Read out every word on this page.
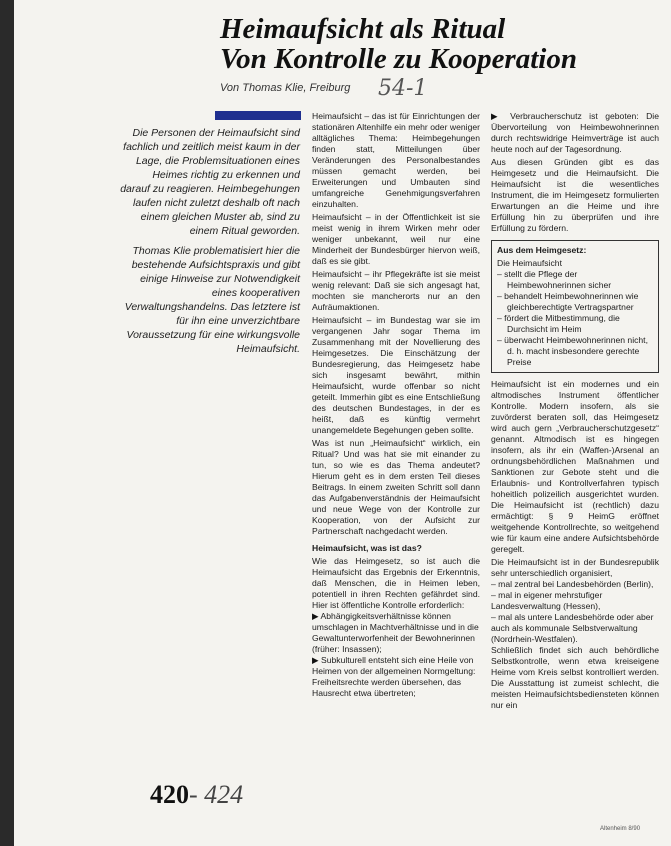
Heimaufsicht als Ritual
Von Kontrolle zu Kooperation
Von Thomas Klie, Freiburg 54-1

Die Personen der Heimaufsicht sind fachlich und zeitlich meist kaum in der Lage, die Problemsituationen eines Heimes richtig zu erkennen und darauf zu reagieren. Heimbegehungen laufen nicht zuletzt deshalb oft nach einem gleichen Muster ab, sind zu einem Ritual geworden.

Thomas Klie problematisiert hier die bestehende Aufsichtspraxis und gibt einige Hinweise zur Notwendigkeit eines kooperativen Verwaltungshandelns. Das letztere ist für ihn eine unverzichtbare Voraussetzung für eine wirkungsvolle Heimaufsicht.

Heimaufsicht – das ist für Einrichtungen der stationären Altenhilfe ein mehr oder weniger alltägliches Thema: Heimbegehungen finden statt, Mitteilungen über Veränderungen des Personalbestandes müssen gemacht werden, bei Erweiterungen und Umbauten sind umfangreiche Genehmigungsverfahren einzuhalten.

Heimaufsicht – in der Öffentlichkeit ist sie meist wenig in ihrem Wirken mehr oder weniger unbekannt, weil nur eine Minderheit der Bundesbürger hiervon weiß, daß es sie gibt.

Heimaufsicht – ihr Pflegekräfte ist sie meist wenig relevant: Daß sie sich angesagt hat, mochten sie mancherorts nur an den Aufräumaktionen.

Heimaufsicht – im Bundestag war sie im vergangenen Jahr sogar Thema im Zusammenhang mit der Novellierung des Heimgesetzes. Die Einschätzung der Bundesregierung, das Heimgesetz habe sich insgesamt bewährt, mithin Heimaufsicht, wurde offenbar so nicht geteilt. Immerhin gibt es eine Entschließung des deutschen Bundestages, in der es heißt, daß es künftig vermehrt unangemeldete Begehungen geben sollte.

Was ist nun „Heimaufsicht“ wirklich, ein Ritual? Und was hat sie mit einander zu tun, so wie es das Thema andeutet? Hierum geht es in dem ersten Teil dieses Beitrags. In einem zweiten Schritt soll dann das Aufgabenverständnis der Heimaufsicht und neue Wege von der Kontrolle zur Kooperation, von der Aufsicht zur Partnerschaft nachgedacht werden.

Heimaufsicht, was ist das?

Wie das Heimgesetz, so ist auch die Heimaufsicht das Ergebnis der Erkenntnis, daß Menschen, die in Heimen leben, potentiell in ihren Rechten gefährdet sind. Hier ist öffentliche Kontrolle erforderlich:

▶ Abhängigkeitsverhältnisse können umschlagen in Machtverhältnisse und in die Gewaltunterworfenheit der Bewohnerinnen (früher: Insassen);
▶ Subkulturell entsteht sich eine Heile von Heimen von der allgemeinen Normgeltung: Freiheitsrechte werden übersehen, das Hausrecht etwa übertreten;

▶ Verbraucherschutz ist geboten: Die Übervorteilung von Heimbewohnerinnen durch rechtswidrige Heimverträge ist auch heute noch auf der Tagesordnung.

Aus diesen Gründen gibt es das Heimgesetz und die Heimaufsicht. Die Heimaufsicht ist die wesentliches Instrument, die im Heimgesetz formulierten Erwartungen an die Heime und ihre Erfüllung hin zu überprüfen und ihre Erfüllung zu fördern.

Aus dem Heimgesetz:

Die Heimaufsicht

– stellt die Pflege der Heimbewohnerinnen sicher
– behandelt Heimbewohnerinnen wie gleichberechtigte Vertragspartner
– fördert die Mitbestimmung, die Durchsicht im Heim
– überwacht Heimbewohnerinnen nicht, d. h. macht insbesondere gerechte Preise

Heimaufsicht ist ein modernes und ein altmodisches Instrument öffentlicher Kontrolle. Modern insofern, als sie zuvörderst beraten soll, das Heimgesetz wird auch gern „Verbraucherschutzgesetz“ genannt. Altmodisch ist es hingegen insofern, als ihr ein (Waffen-)Arsenal an ordnungsbehördlichen Maßnahmen und Sanktionen zur Gebote steht und die Erlaubnis- und Kontrollverfahren typisch hoheitlich polizeilich ausgerichtet wurden. Die Heimaufsicht ist (rechtlich) dazu ermächtigt: § 9 HeimG eröffnet weitgehende Kontrollrechte, so weitgehend wie für kaum eine andere Aufsichtsbehörde geregelt.

Die Heimaufsicht ist in der Bundesrepublik sehr unterschiedlich organisiert,

– mal zentral bei Landesbehörden (Berlin),
– mal in eigener mehrstufiger Landesverwaltung (Hessen),
– mal als untere Landesbehörde oder aber auch als kommunale Selbstverwaltung (Nordrhein-Westfalen).

Schließlich findet sich auch behördliche Selbstkontrolle, wenn etwa kreiseigene Heime vom Kreis selbst kontrolliert werden. Die Ausstattung ist zumeist schlecht, die meisten Heimaufsichtsbediensteten können nur ein

420- 424
Altenheim 8/90
